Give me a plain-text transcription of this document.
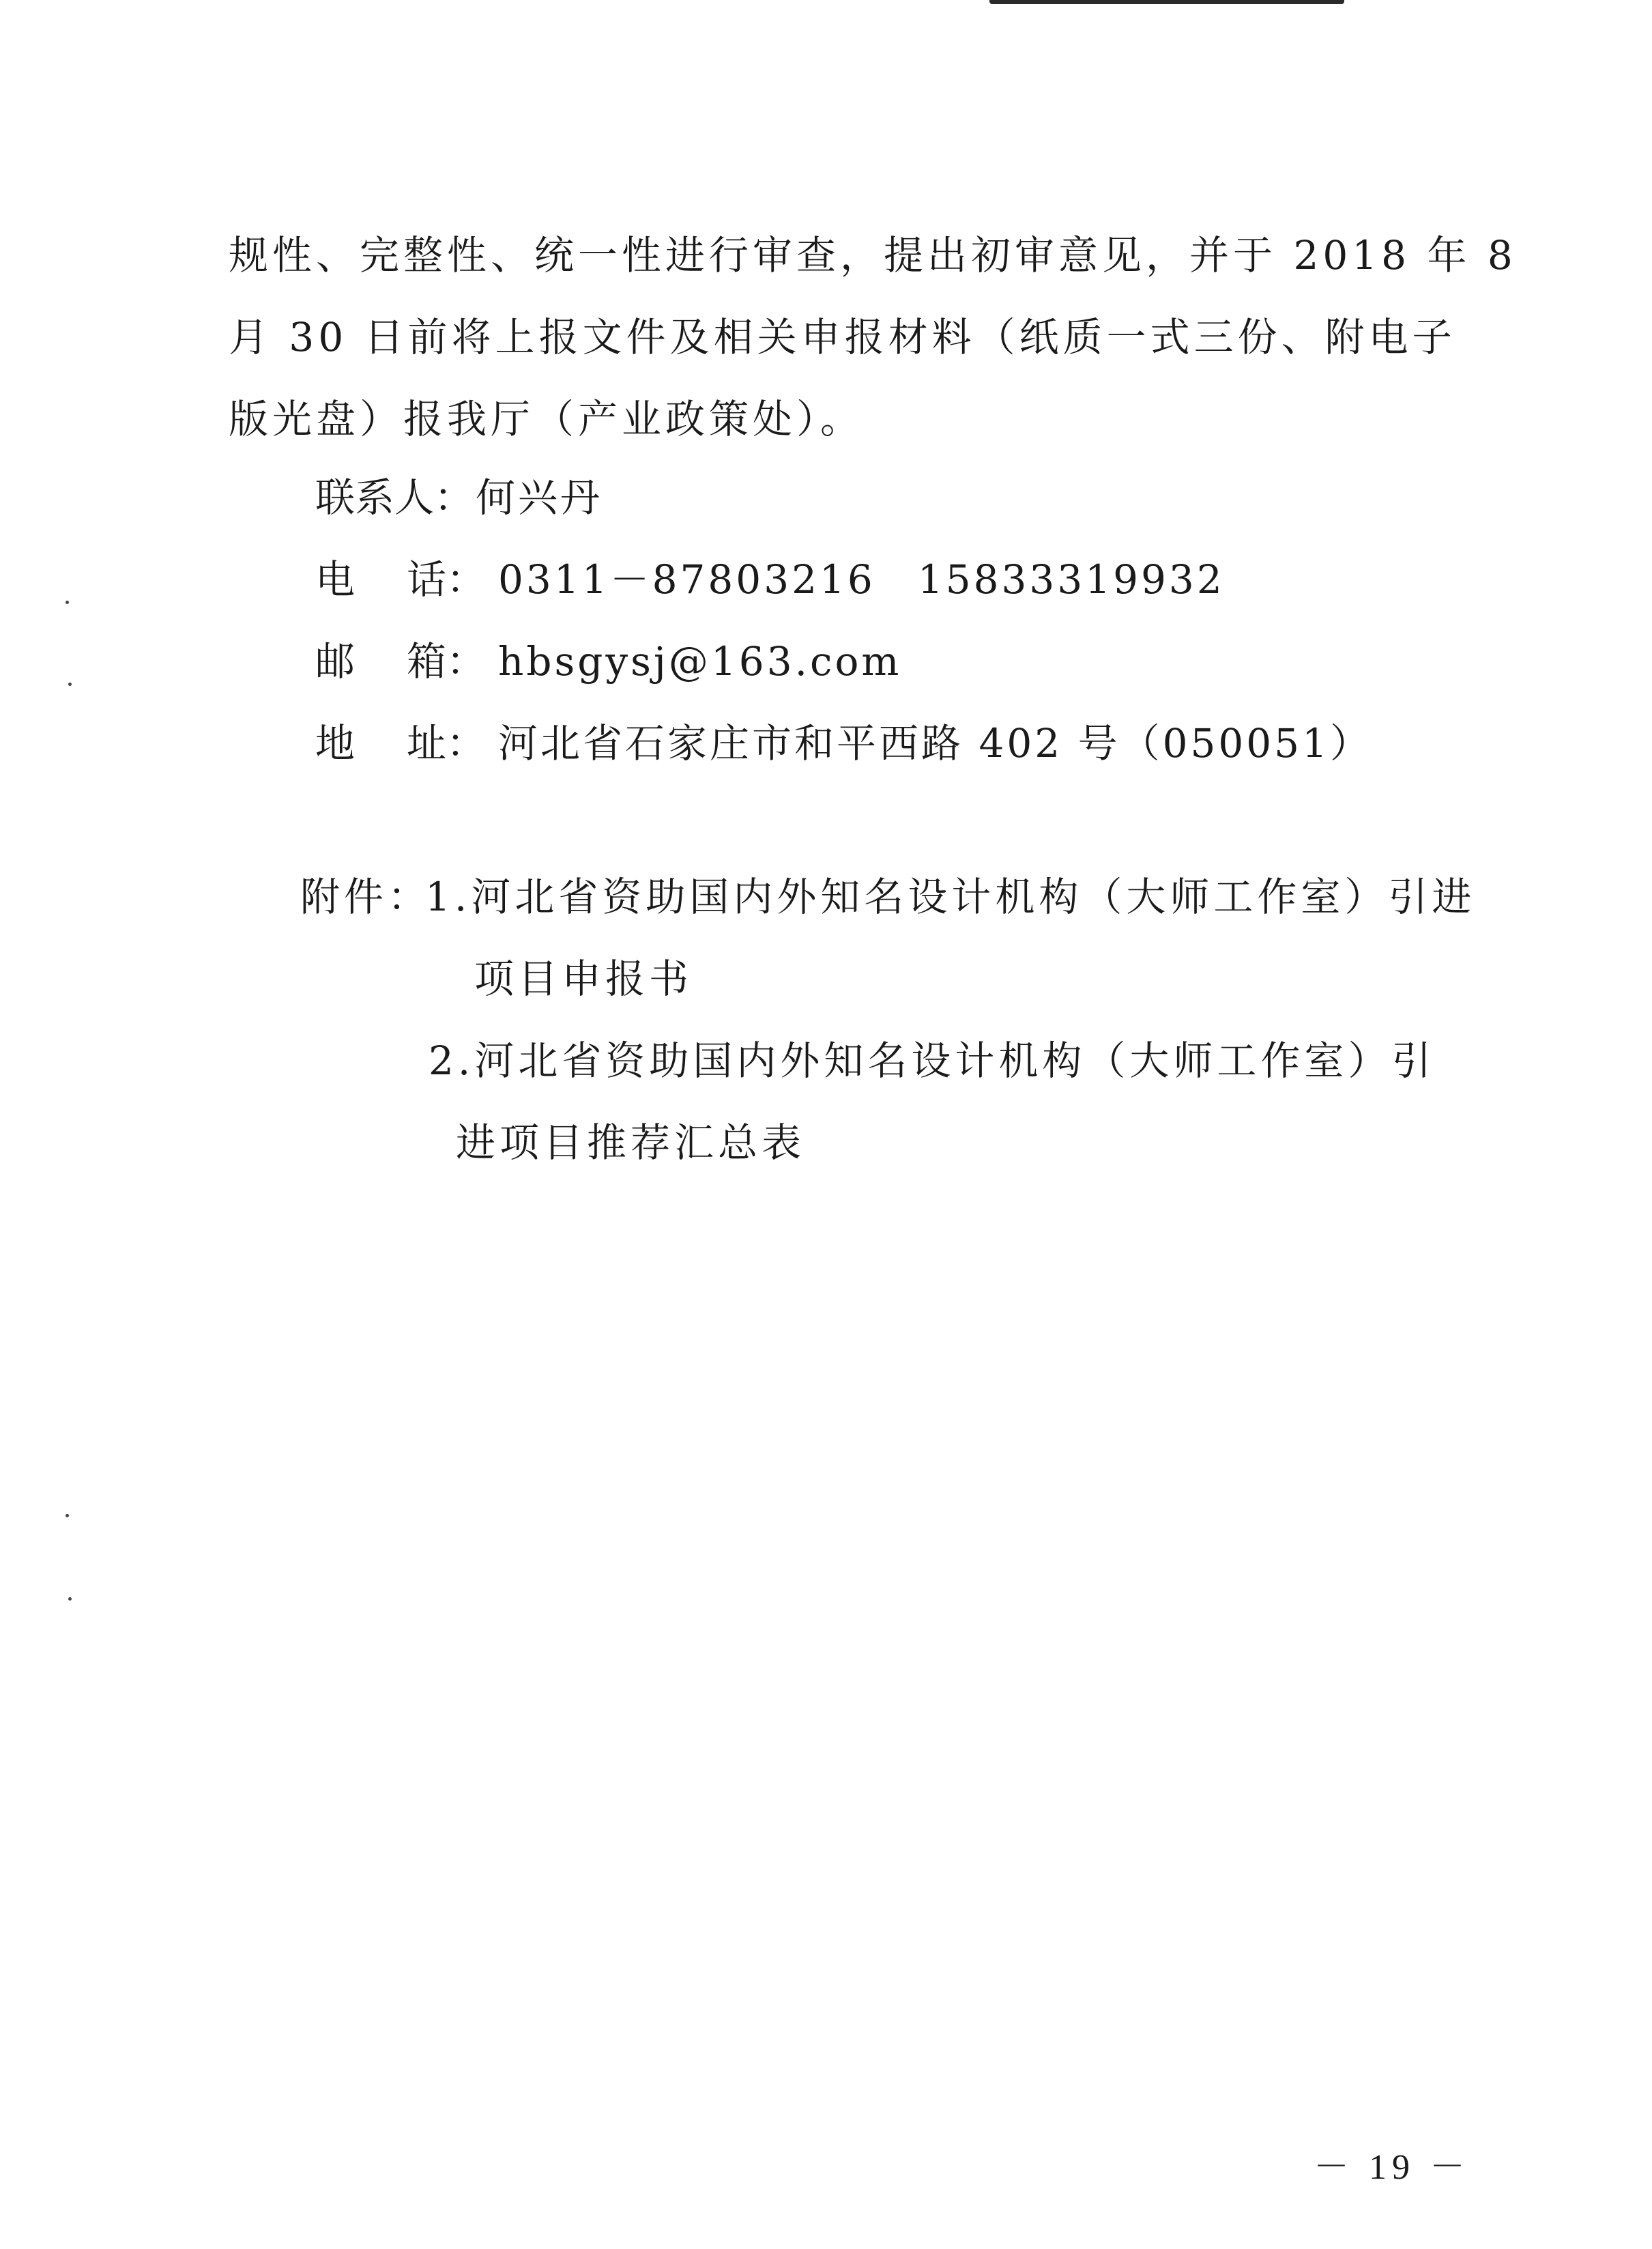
规性、完整性、统一性进行审查，提出初审意见，并于 2018 年 8
月 30 日前将上报文件及相关申报材料（纸质一式三份、附电子
版光盘）报我厅（产业政策处）。
联系人： 何兴丹
电 话： 0311－87803216　15833319932
邮 箱： hbsgysj@163.com
地 址： 河北省石家庄市和平西路 402 号（050051）
附件：
1.河北省资助国内外知名设计机构（大师工作室）引进
项目申报书
2.河北省资助国内外知名设计机构（大师工作室）引
进项目推荐汇总表
－ 19 －
